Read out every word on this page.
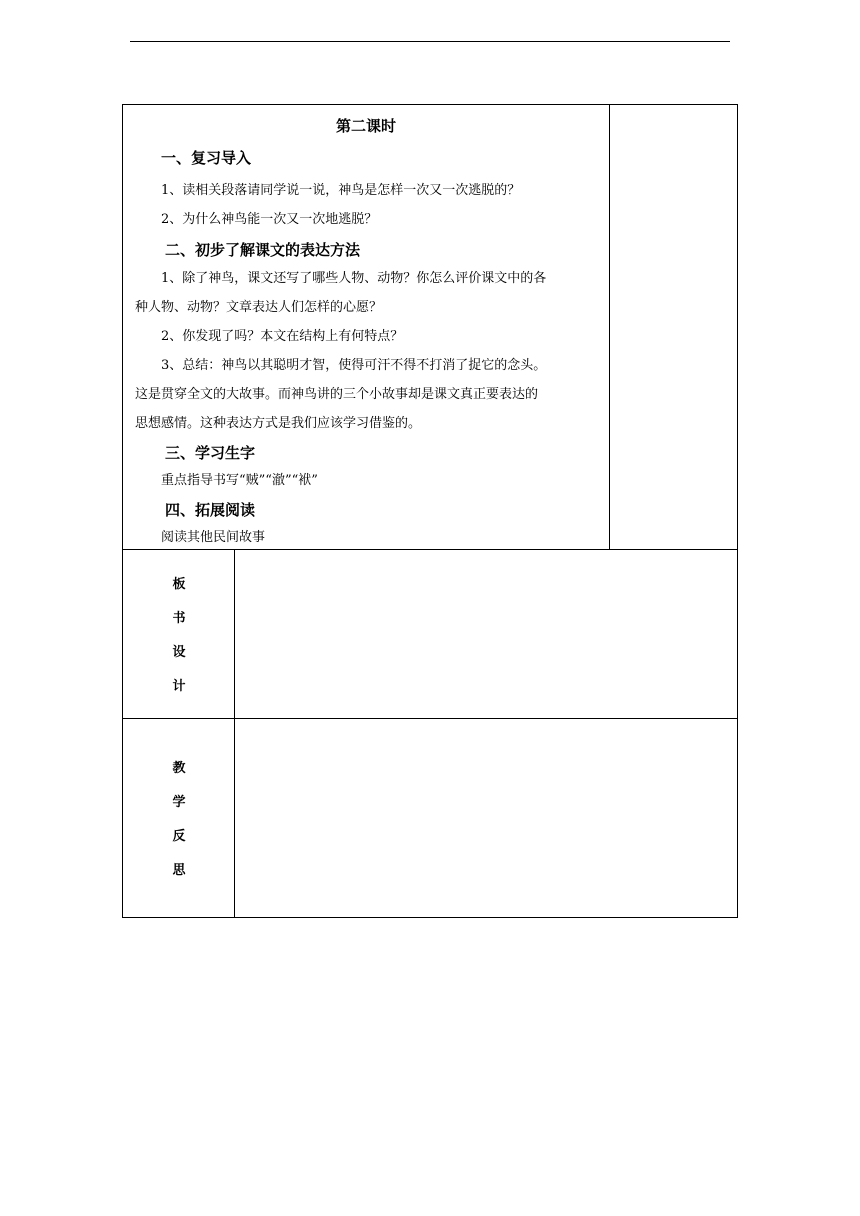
第二课时
一、复习导入
1、读相关段落请同学说一说，神鸟是怎样一次又一次逃脱的？
2、为什么神鸟能一次又一次地逃脱？
二、初步了解课文的表达方法
1、除了神鸟，课文还写了哪些人物、动物？你怎么评价课文中的各
种人物、动物？文章表达人们怎样的心愿？
2、你发现了吗？本文在结构上有何特点？
3、总结：神鸟以其聪明才智，使得可汗不得不打消了捉它的念头。
这是贯穿全文的大故事。而神鸟讲的三个小故事却是课文真正要表达的
思想感情。这种表达方式是我们应该学习借鉴的。
三、学习生字
重点指导书写“贼”“澈”“袱”
四、拓展阅读
阅读其他民间故事
板
书
设
计
教
学
反
思
